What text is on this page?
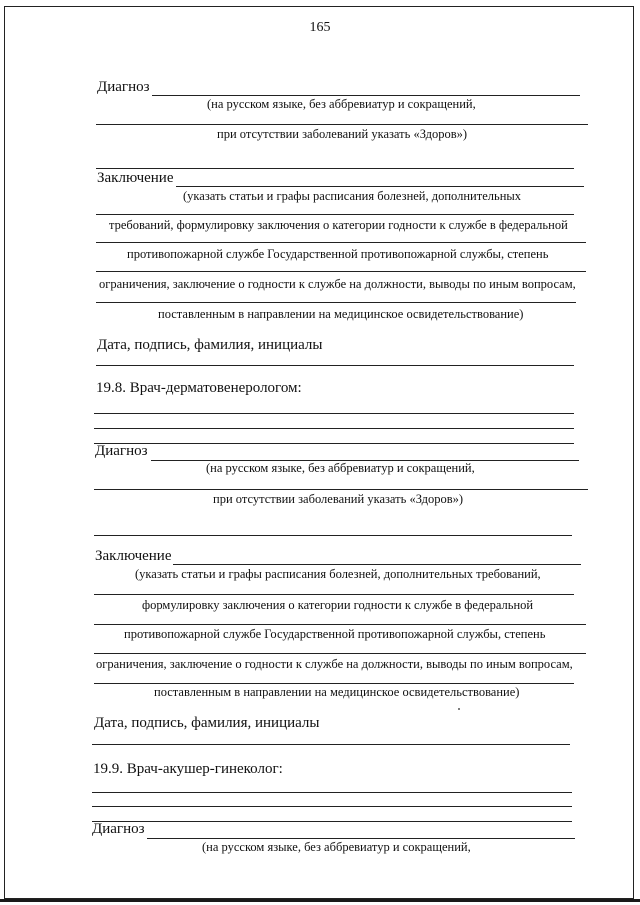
165
Диагноз
(на русском языке, без аббревиатур и сокращений,
при отсутствии заболеваний указать «Здоров»)
Заключение
(указать статьи и графы расписания болезней, дополнительных
требований, формулировку заключения о категории годности к службе в федеральной
противопожарной службе Государственной противопожарной службы, степень
ограничения, заключение о годности к службе на должности, выводы по иным вопросам,
поставленным в направлении на медицинское освидетельствование)
Дата, подпись, фамилия, инициалы
19.8. Врач-дерматовенерологом:
Диагноз
(на русском языке, без аббревиатур и сокращений,
при отсутствии заболеваний указать «Здоров»)
Заключение
(указать статьи и графы расписания болезней, дополнительных требований,
формулировку заключения о категории годности к службе в федеральной
противопожарной службе Государственной противопожарной службы, степень
ограничения, заключение о годности к службе на должности, выводы по иным вопросам,
поставленным в направлении на медицинское освидетельствование)
Дата, подпись, фамилия, инициалы
19.9. Врач-акушер-гинеколог:
Диагноз
(на русском языке, без аббревиатур и сокращений,
